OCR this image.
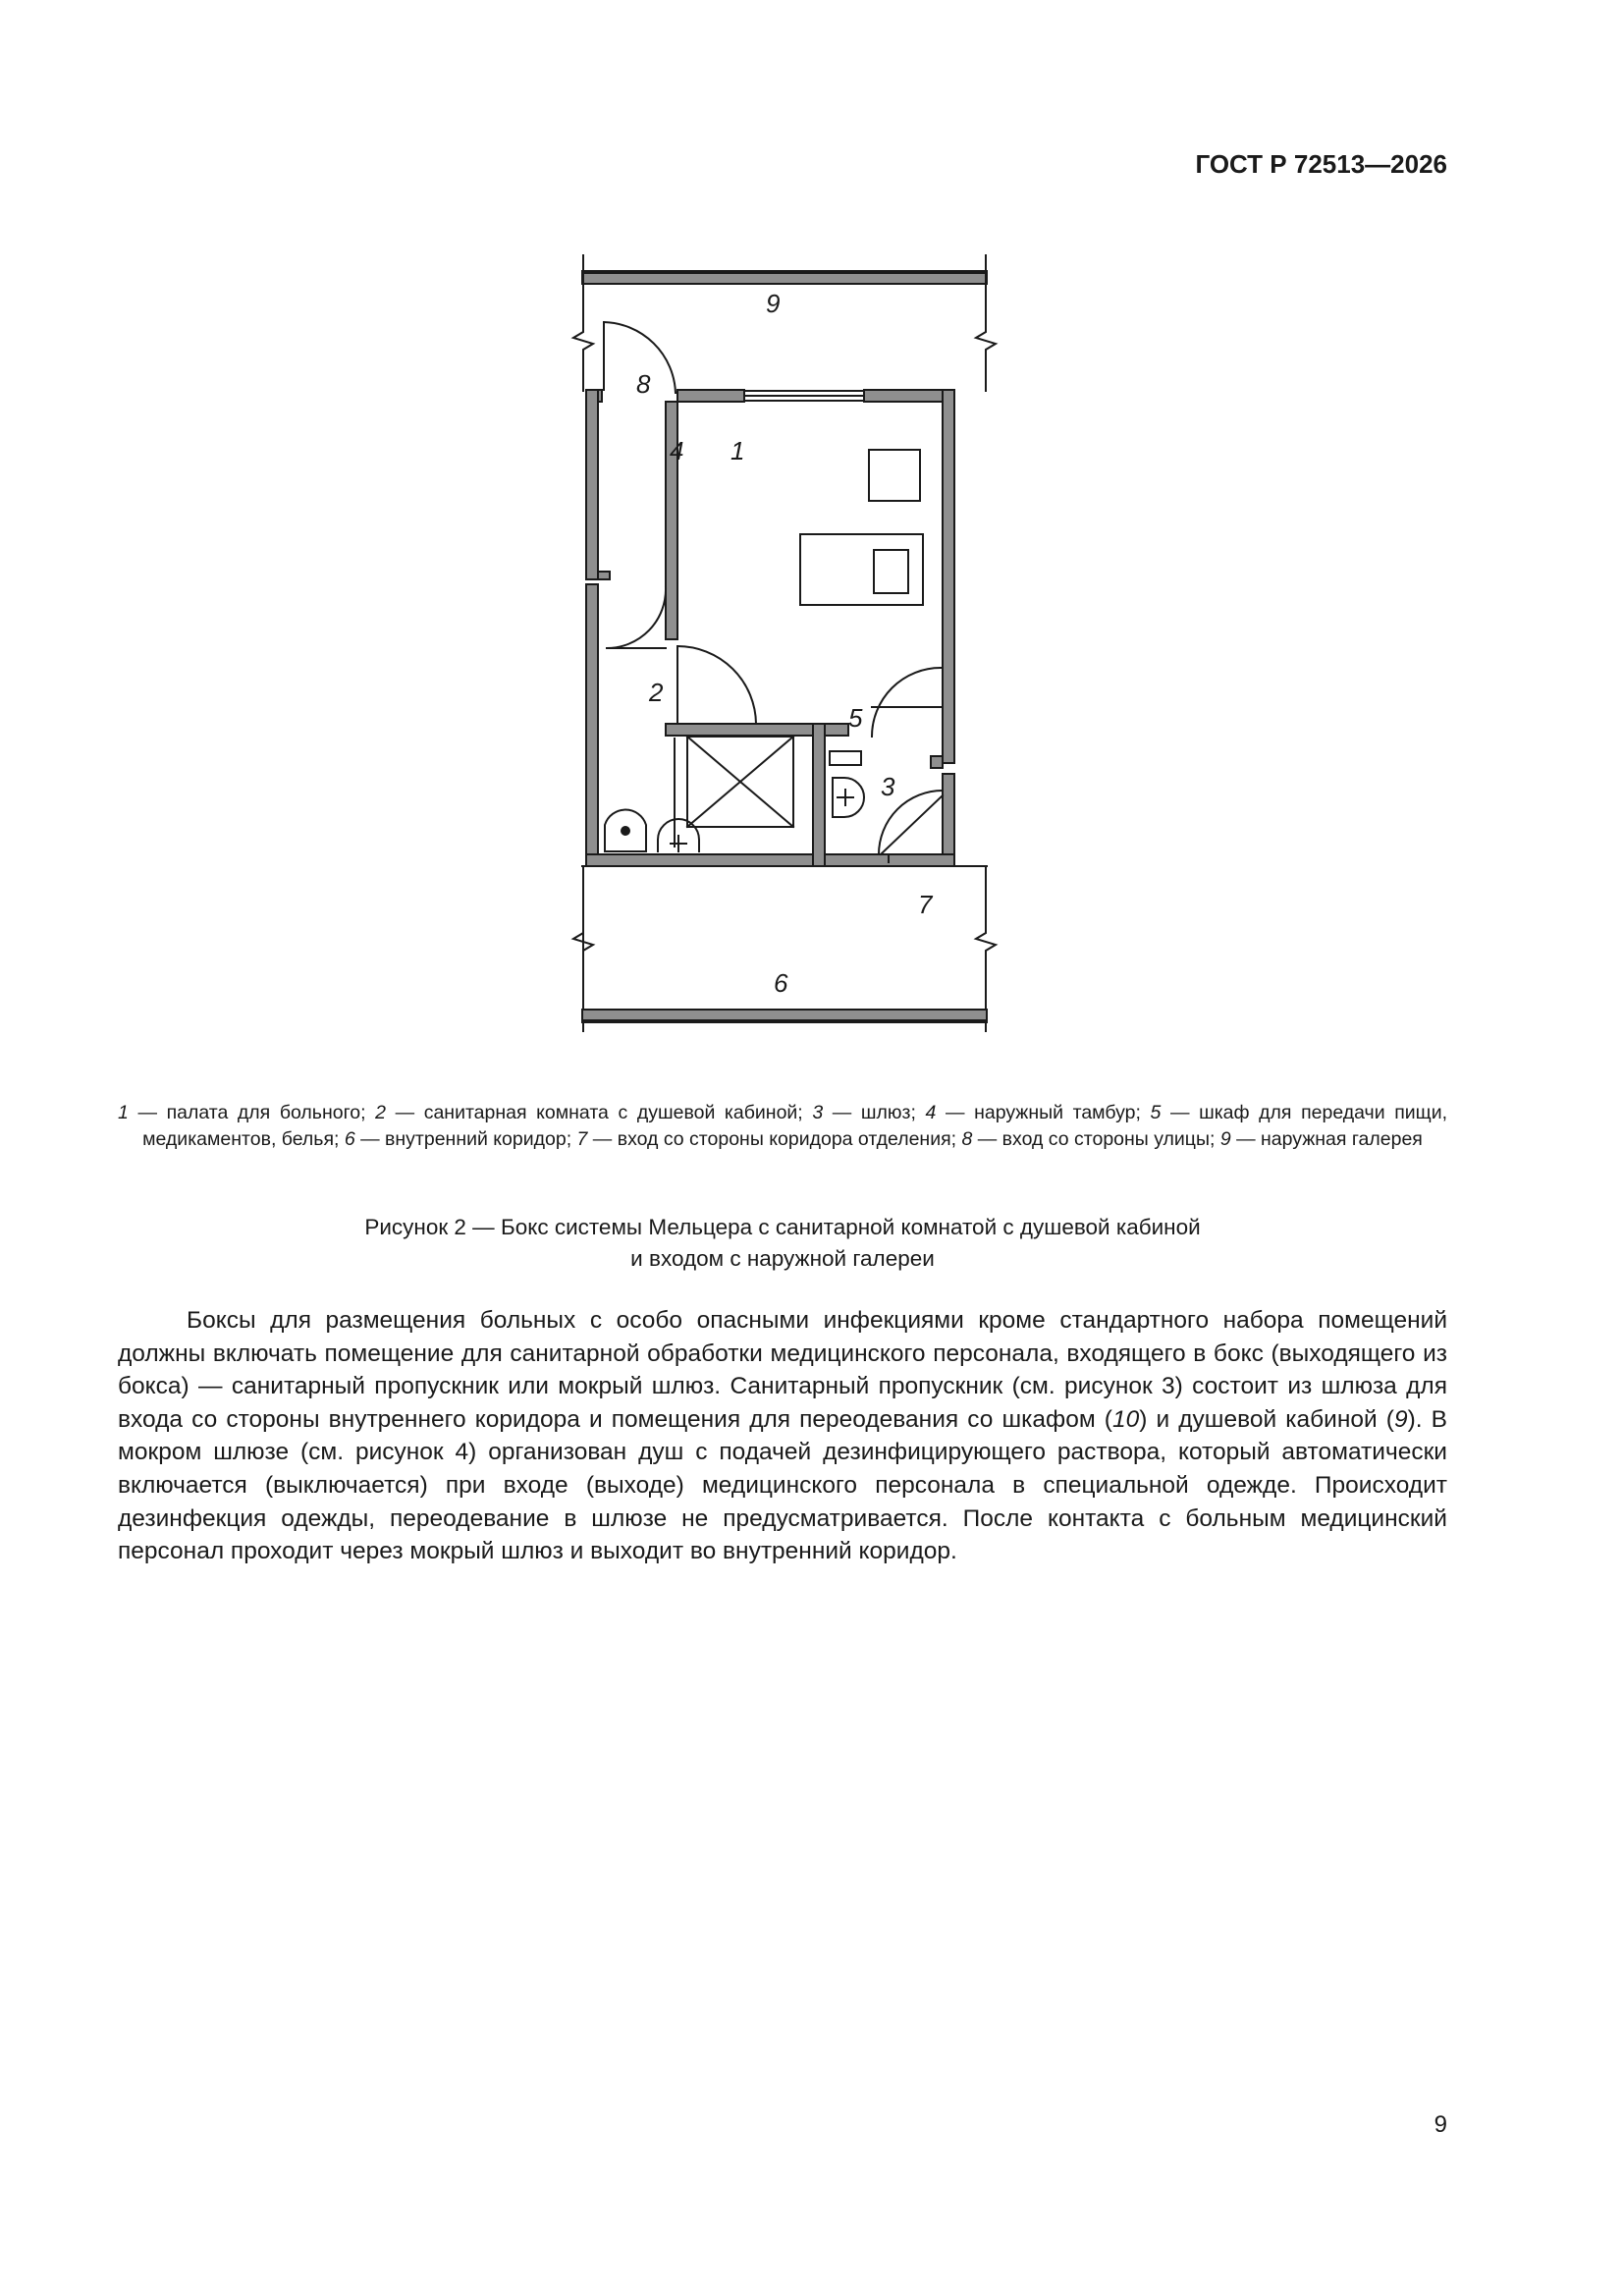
ГОСТ Р 72513—2026
9
8
4 1
2
5
3
7
6
1 — палата для больного; 2 — санитарная комната с душевой кабиной; 3 — шлюз; 4 — наружный тамбур; 5 — шкаф для передачи пищи, медикаментов, белья; 6 — внутренний коридор; 7 — вход со стороны коридора отделения; 8 — вход со стороны улицы; 9 — наружная галерея
Рисунок 2 — Бокс системы Мельцера с санитарной комнатой с душевой кабиной
и входом с наружной галереи

Боксы для размещения больных с особо опасными инфекциями кроме стандартного набора помещений должны включать помещение для санитарной обработки медицинского персонала, входящего в бокс (выходящего из бокса) — санитарный пропускник или мокрый шлюз. Санитарный пропускник (см. рисунок 3) состоит из шлюза для входа со стороны внутреннего коридора и помещения для переодевания со шкафом (10) и душевой кабиной (9). В мокром шлюзе (см. рисунок 4) организован душ с подачей дезинфицирующего раствора, который автоматически включается (выключается) при входе (выходе) медицинского персонала в специальной одежде. Происходит дезинфекция одежды, переодевание в шлюзе не предусматривается. После контакта с больным медицинский персонал проходит через мокрый шлюз и выходит во внутренний коридор.

9
